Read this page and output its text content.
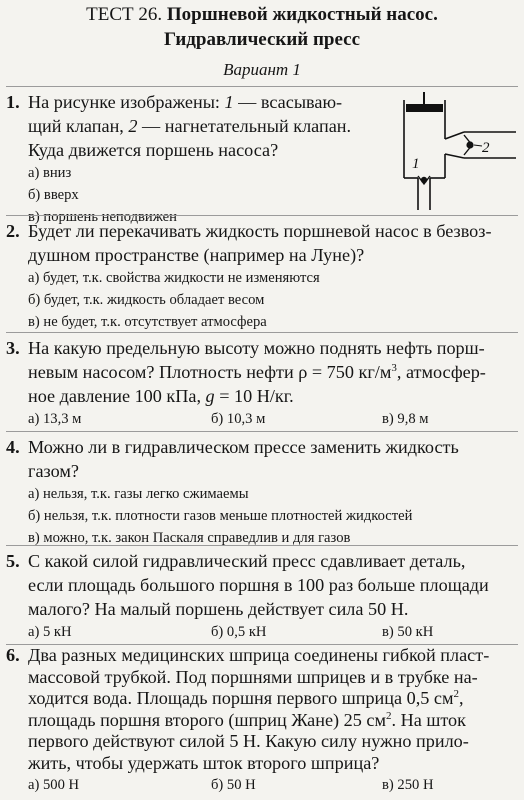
ТЕСТ 26. Поршневой жидкостный насос.
Гидравлический пресс
Вариант 1
1. На рисунке изображены: 1 — всасываю-
щий клапан, 2 — нагнетательный клапан.
Куда движется поршень насоса?
а) вниз
б) вверх
в) поршень неподвижен
2
1
2. Будет ли перекачивать жидкость поршневой насос в безвоз-
душном пространстве (например на Луне)?
а) будет, т.к. свойства жидкости не изменяются
б) будет, т.к. жидкость обладает весом
в) не будет, т.к. отсутствует атмосфера
3. На какую предельную высоту можно поднять нефть порш-
невым насосом? Плотность нефти ρ = 750 $кг/м^3$, атмосфер-
ное давление 100 кПа, g = 10 Н/кг.
а) 13,3 м	б) 10,3 м	в) 9,8 м
4. Можно ли в гидравлическом прессе заменить жидкость
газом?
а) нельзя, т.к. газы легко сжимаемы
б) нельзя, т.к. плотности газов меньше плотностей жидкостей
в) можно, т.к. закон Паскаля справедлив и для газов
5. С какой силой гидравлический пресс сдавливает деталь,
если площадь большого поршня в 100 раз больше площади
малого? На малый поршень действует сила 50 Н.
а) 5 кН	б) 0,5 кН	в) 50 кН
6. Два разных медицинских шприца соединены гибкой пласт-
массовой трубкой. Под поршнями шприцев и в трубке на-
ходится вода. Площадь поршня первого шприца 0,5 $см^2$,
площадь поршня второго (шприц Жане) 25 $см^2$. На шток
первого действуют силой 5 Н. Какую силу нужно прило-
жить, чтобы удержать шток второго шприца?
а) 500 Н	б) 50 Н	в) 250 Н
